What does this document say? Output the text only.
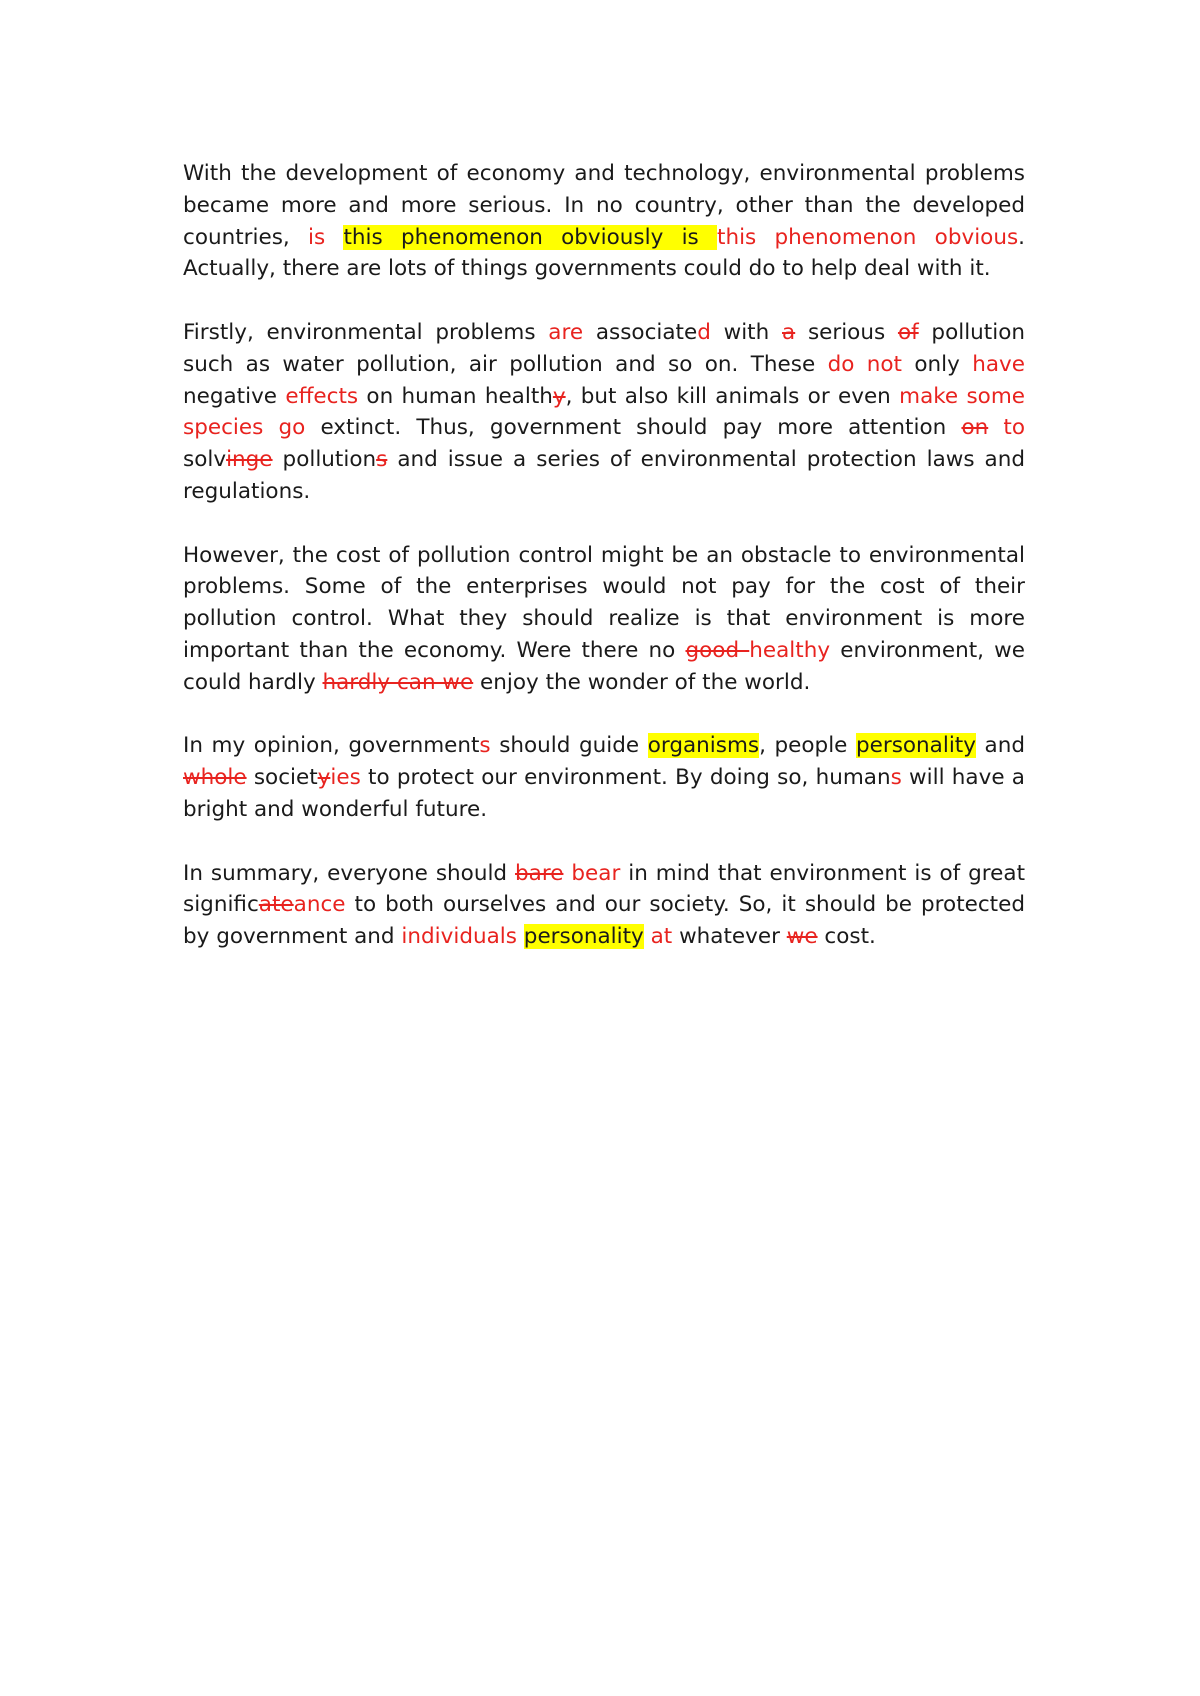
With the development of economy and technology, environmental problems became more and more serious. In no country, other than the developed countries, is this phenomenon obviously is this phenomenon obvious. Actually, there are lots of things governments could do to help deal with it.

Firstly, environmental problems are associated with a serious of pollution such as water pollution, air pollution and so on. These do not only have negative effects on human healthy, but also kill animals or even make some species go extinct. Thus, government should pay more attention on to solvinge pollutions and issue a series of environmental protection laws and regulations.

However, the cost of pollution control might be an obstacle to environmental problems. Some of the enterprises would not pay for the cost of their pollution control. What they should realize is that environment is more important than the economy. Were there no good healthy environment, we could hardly hardly can we enjoy the wonder of the world.

In my opinion, governments should guide organisms, people personality and whole societyies to protect our environment. By doing so, humans will have a bright and wonderful future.

In summary, everyone should bare bear in mind that environment is of great significateance to both ourselves and our society. So, it should be protected by government and individuals personality at whatever we cost.
